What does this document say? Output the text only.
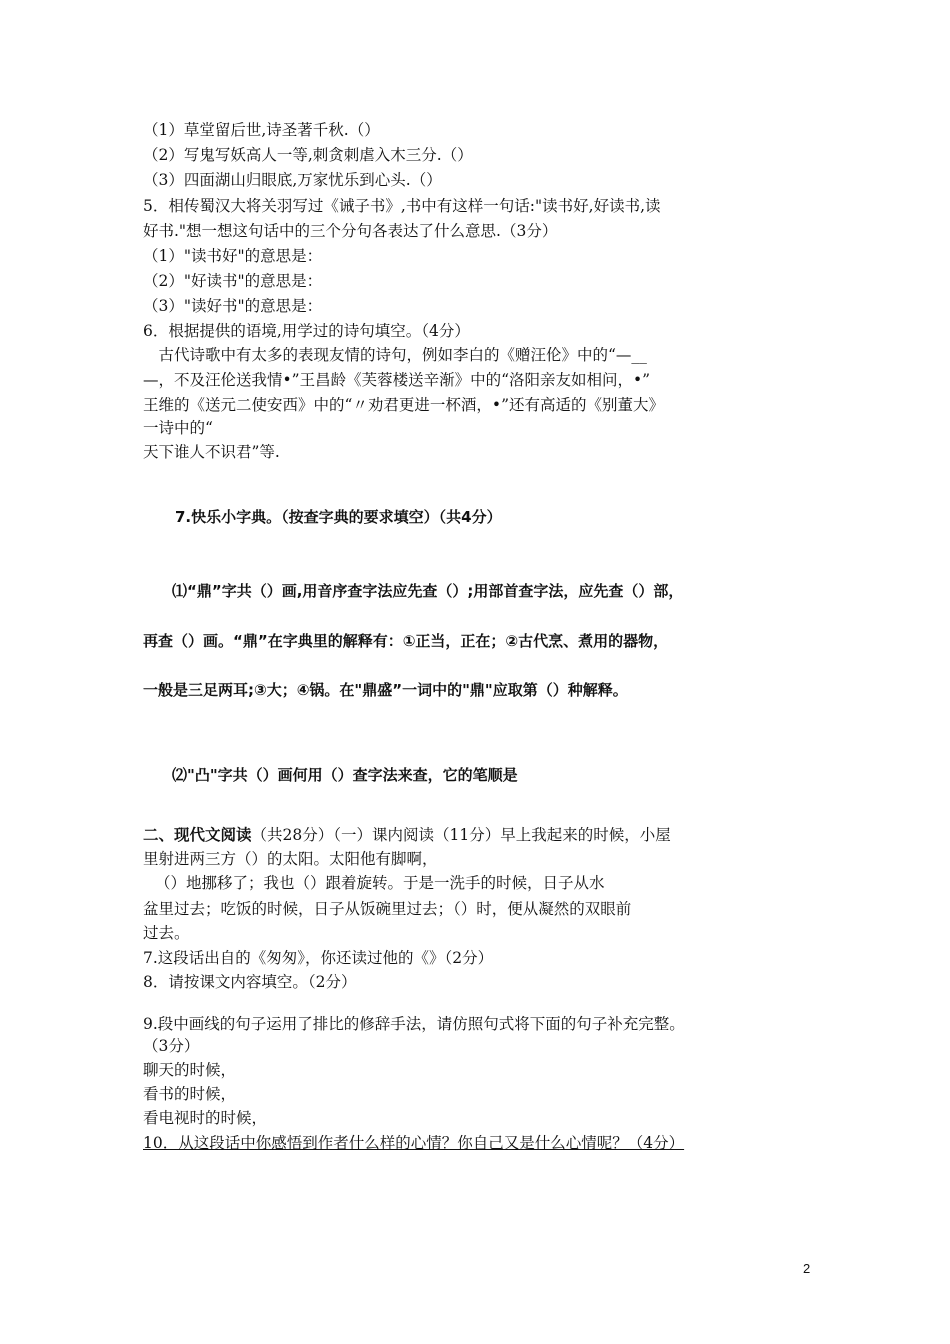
（1）草堂留后世,诗圣著千秋.（）
（2）写鬼写妖高人一等,刺贪刺虐入木三分.（）
（3）四面湖山归眼底,万家忧乐到心头.（）
5．相传蜀汉大将关羽写过《诫子书》,书中有这样一句话:"读书好,好读书,读
好书."想一想这句话中的三个分句各表达了什么意思.（3分）
（1）"读书好"的意思是：
（2）"好读书"的意思是：
（3）"读好书"的意思是：
6．根据提供的语境,用学过的诗句填空。（4分）
　古代诗歌中有太多的表现友情的诗句，例如李白的《赠汪伦》中的“—__
—，不及汪伦送我情•”王昌龄《芙蓉楼送辛渐》中的“洛阳亲友如相问，•”
王维的《送元二使安西》中的“〃劝君更进一杯酒，•”还有高适的《别董大》
一诗中的“
天下谁人不识君”等.
7.快乐小字典。（按查字典的要求填空）（共4分）
⑴“鼎”字共（）画,用音序查字法应先查（）;用部首查字法，应先查（）部，
再查（）画。“鼎”在字典里的解释有：①正当，正在；②古代烹、煮用的器物，
一般是三足两耳;③大；④锅。在"鼎盛”一词中的"鼎"应取第（）种解释。
⑵"凸"字共（）画何用（）查字法来查，它的笔顺是
二、现代文阅读（共28分）（一）课内阅读（11分）早上我起来的时候，小屋
里射进两三方（）的太阳。太阳他有脚啊，
（）地挪移了；我也（）跟着旋转。于是一洗手的时候，日子从水
盆里过去；吃饭的时候，日子从饭碗里过去；（）时，便从凝然的双眼前
过去。
7.这段话出自的《匆匆》，你还读过他的《》（2分）
8．请按课文内容填空。（2分）
9.段中画线的句子运用了排比的修辞手法，请仿照句式将下面的句子补充完整。
（3分）
聊天的时候，
看书的时候，
看电视时的时候，
10．从这段话中你感悟到作者什么样的心情？你自己又是什么心情呢？（4分）
2
